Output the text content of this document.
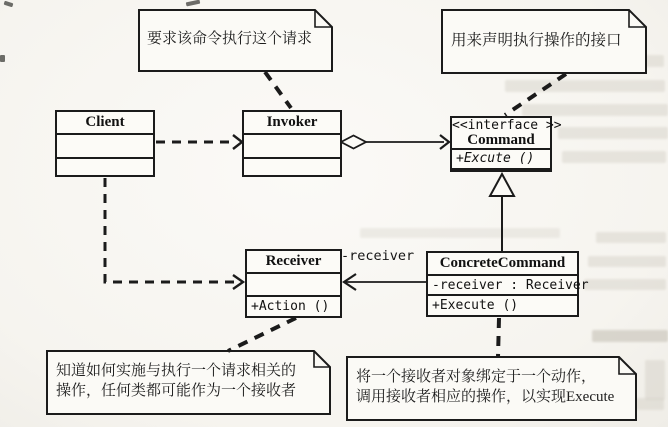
Client	Invoker	<<interface >>
Command
+Excute ()
Receiver
+Action ()
ConcreteCommand
-receiver : Receiver
+Execute ()
要求该命令执行这个请求	用来声明执行操作的接口
知道如何实施与执行一个请求相关的
操作，任何类都可能作为一个接收者
将一个接收者对象绑定于一个动作，
调用接收者相应的操作，以实现Execute
-receiver
